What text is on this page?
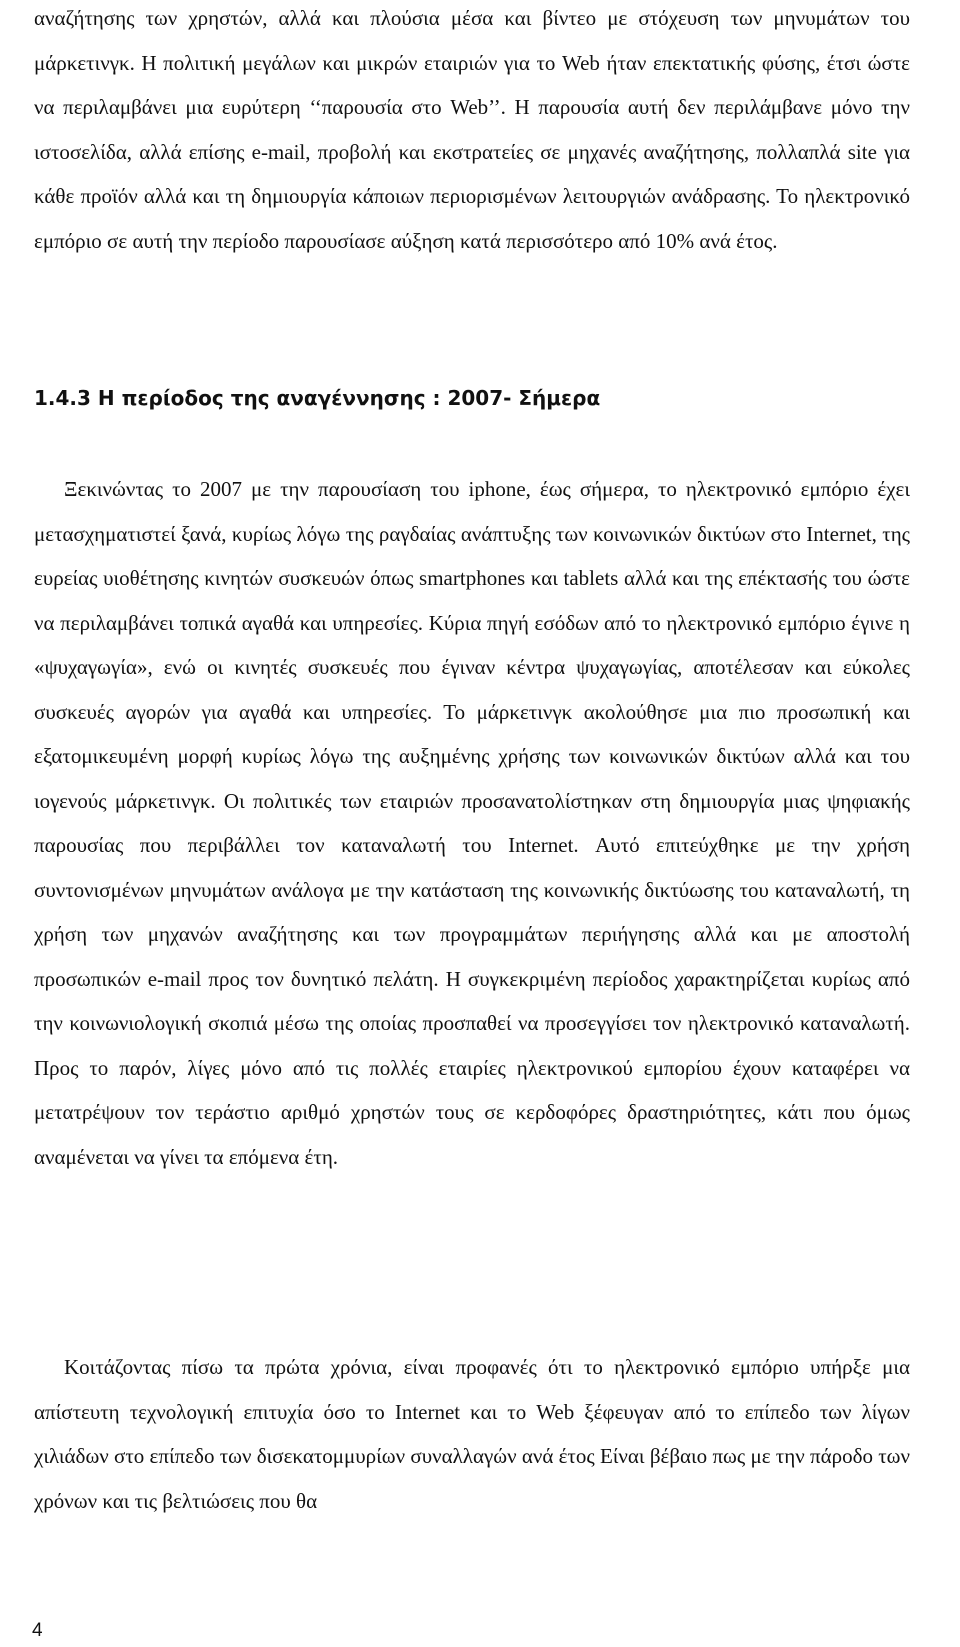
αναζήτησης των χρηστών, αλλά και πλούσια μέσα και βίντεο με στόχευση των μηνυμάτων του μάρκετινγκ. Η πολιτική μεγάλων και μικρών εταιριών για το Web ήταν επεκτατικής φύσης, έτσι ώστε να περιλαμβάνει μια ευρύτερη ‘‘παρουσία στο Web’’. Η παρουσία αυτή δεν περιλάμβανε μόνο την ιστοσελίδα, αλλά επίσης e-mail, προβολή και εκστρατείες σε μηχανές αναζήτησης, πολλαπλά site για κάθε προϊόν αλλά και τη δημιουργία κάποιων περιορισμένων λειτουργιών ανάδρασης. Το ηλεκτρονικό εμπόριο σε αυτή την περίοδο παρουσίασε αύξηση κατά περισσότερο από 10% ανά έτος.

1.4.3 Η περίοδος της αναγέννησης : 2007- Σήμερα

Ξεκινώντας το 2007 με την παρουσίαση του iphone, έως σήμερα, το ηλεκτρονικό εμπόριο έχει μετασχηματιστεί ξανά, κυρίως λόγω της ραγδαίας ανάπτυξης των κοινωνικών δικτύων στο Internet, της ευρείας υιοθέτησης κινητών συσκευών όπως smartphones και tablets αλλά και της επέκτασής του ώστε να περιλαμβάνει τοπικά αγαθά και υπηρεσίες. Κύρια πηγή εσόδων από το ηλεκτρονικό εμπόριο έγινε η «ψυχαγωγία», ενώ οι κινητές συσκευές που έγιναν κέντρα ψυχαγωγίας, αποτέλεσαν και εύκολες συσκευές αγορών για αγαθά και υπηρεσίες. Το μάρκετινγκ ακολούθησε μια πιο προσωπική και εξατομικευμένη μορφή κυρίως λόγω της αυξημένης χρήσης των κοινωνικών δικτύων αλλά και του ιογενούς μάρκετινγκ. Οι πολιτικές των εταιριών προσανατολίστηκαν στη δημιουργία μιας ψηφιακής παρουσίας που περιβάλλει τον καταναλωτή του Internet. Αυτό επιτεύχθηκε με την χρήση συντονισμένων μηνυμάτων ανάλογα με την κατάσταση της κοινωνικής δικτύωσης του καταναλωτή, τη χρήση των μηχανών αναζήτησης και των προγραμμάτων περιήγησης αλλά και με αποστολή προσωπικών e-mail προς τον δυνητικό πελάτη. Η συγκεκριμένη περίοδος χαρακτηρίζεται κυρίως από την κοινωνιολογική σκοπιά μέσω της οποίας προσπαθεί να προσεγγίσει τον ηλεκτρονικό καταναλωτή. Προς το παρόν, λίγες μόνο από τις πολλές εταιρίες ηλεκτρονικού εμπορίου έχουν καταφέρει να μετατρέψουν τον τεράστιο αριθμό χρηστών τους σε κερδοφόρες δραστηριότητες, κάτι που όμως αναμένεται να γίνει τα επόμενα έτη.

Κοιτάζοντας πίσω τα πρώτα χρόνια, είναι προφανές ότι το ηλεκτρονικό εμπόριο υπήρξε μια απίστευτη τεχνολογική επιτυχία όσο το Internet και το Web ξέφευγαν από το επίπεδο των λίγων χιλιάδων στο επίπεδο των δισεκατομμυρίων συναλλαγών ανά έτος Είναι βέβαιο πως με την πάροδο των χρόνων και τις βελτιώσεις που θα

4
